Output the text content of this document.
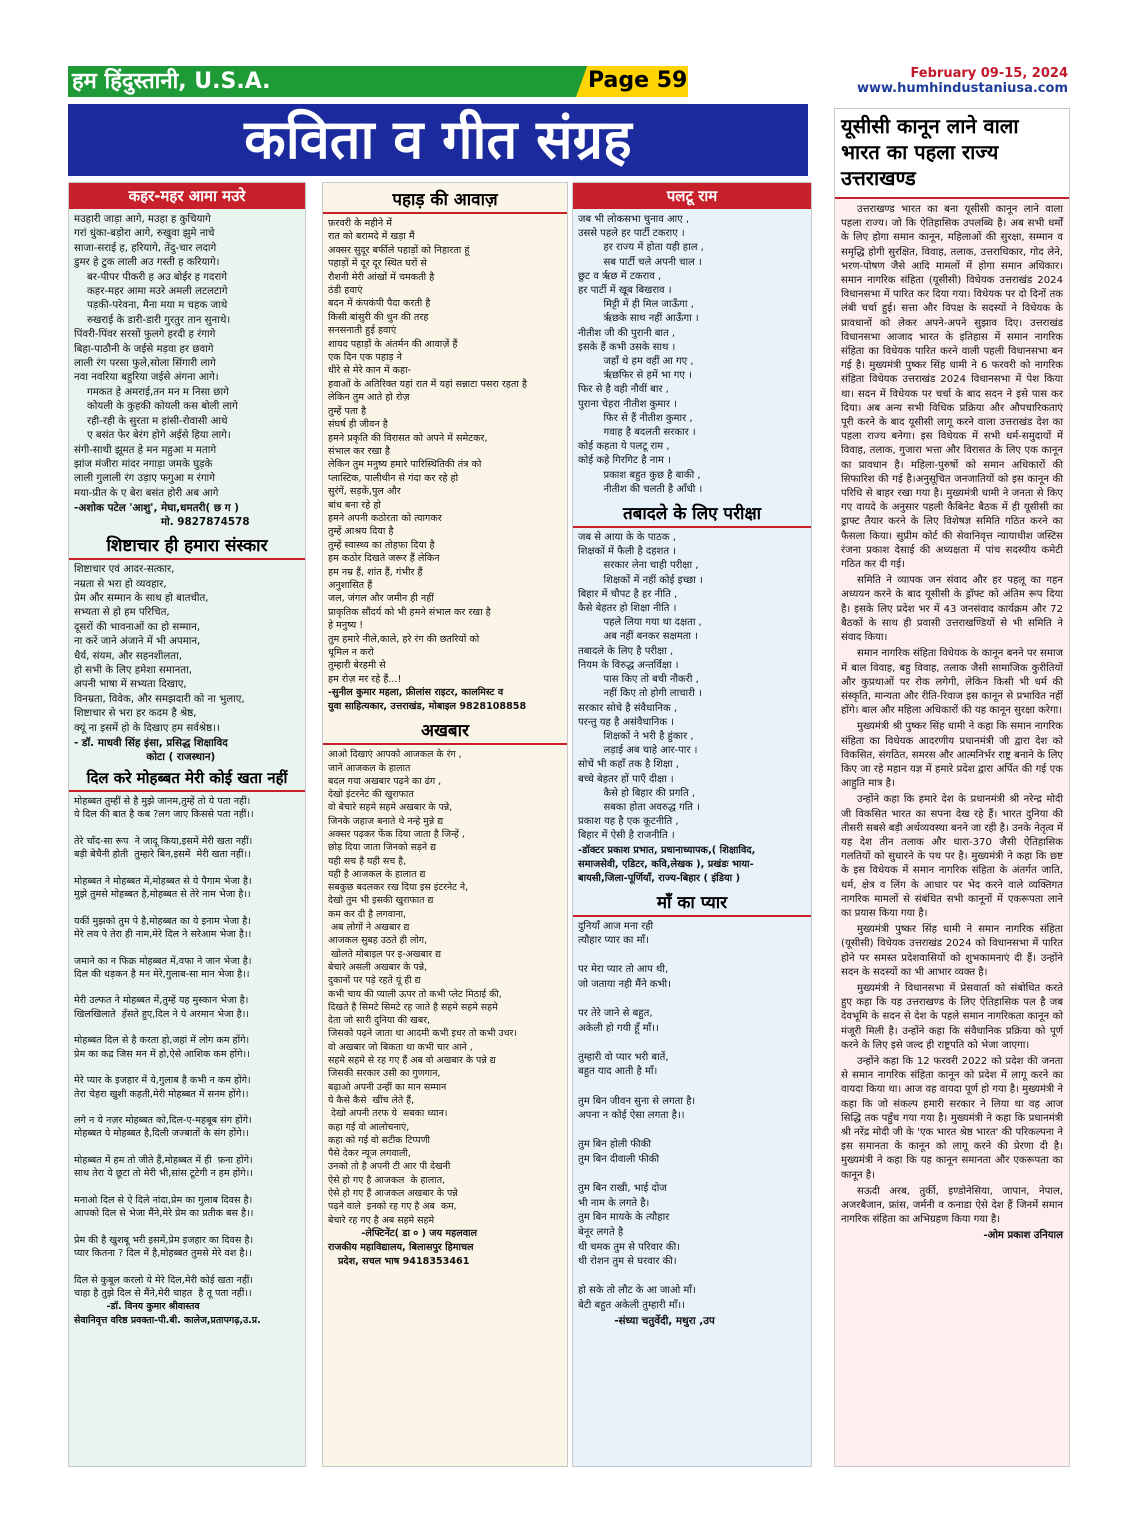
हम हिंदुस्तानी, U.S.A.	Page 59	February 09-15, 2024
www.humhindustaniusa.com
कविता व गीत संग्रह
कहर-महर आमा मउरे
मउहारी जाड़ा आगे, मउहा ह कुचियागे
गरां धुंका-बड़ोरा आगे, रुखुवा झुमे नाचे
साजा-सराई ह, हरियागे, तेंदु-चार लदागे
डुमर हे टुक लाली अउ गस्ती ह करियागे।
बर-पीपर पीकरी ह अउ बोईर ह गदरागे
कहर-महर आमा मउरे अमली लटलटागे
पड़की-परेवना, मैना मया म चहक जाथे
रुखराई के डारी-डारी गुरतुर तान सुनाथे।
पिंवरी-पिंवर सरसों फुलगे हरदी ह रंगागे
बिहा-पाठौनी के जईसे मड़वा हर छवागे
लाली रंग परसा फुले,सोला सिंगारी लागे
नवा नवरिया बहुरिया जईसे अंगना आगे।
गमकत हे अमराई,तन मन म निसा छागे
कोयली के कुहकी कोयली कस बोली लागे
रही-रही के सुरता म हांसी-रोवासी आथे
ए बसंत फेर बेरंग होगे अईसे हिया लागे।
संगी-साथी झूमत हे मन महुआ म मतागे
झांज मंजीरा मांदर नगाड़ा जमके घुड़के
लाली गुलाली रंग उड़ाए फगुआ म रंगागे
मया-प्रीत के ए बेरा बसंत होरी अब आगे
-अशोक पटेल 'आशु', मेघा,धमतरी( छ ग )
मो. 9827874578
शिष्टाचार ही हमारा संस्कार
शिष्टाचार एवं आदर-सत्कार,
नम्रता से भरा हो व्यवहार,
प्रेम और सम्मान के साथ हो बातचीत,
सभ्यता से हो हम परिचित,
दूसरों की भावनाओं का हो सम्मान,
ना करें जाने अंजाने में भी अपमान,
धैर्य, संयम, और सहनशीलता,
हो सभी के लिए हमेशा समानता,
अपनी भाषा में सभ्यता दिखाए,
विनम्रता, विवेक, और समझदारी को ना भुलाए,
शिष्टाचार से भरा हर कदम है श्रेष्ठ,
क्यूं ना इसमें हो के दिखाए हम सर्वश्रेष्ठ।।
- डॉ. माधवी सिंह इंसा, प्रसिद्ध शिक्षाविद
कोटा ( राजस्थान)
दिल करे मोहब्बत मेरी कोई खता नहीं
मोहब्बत तुम्हीं से है मुझे जानम,तुम्हें तो ये पता नहीं।
ये दिल की बात है कब ?लग जाए किससे पता नहीं।।

तेरे चाँद-सा रूप  ने जादू किया,इसमें मेरी खता नहीं।
बड़ी बेचैनी होती  तुम्हारे बिन,इसमें  मेरी खता नहीं।।

मोहब्बत ने मोहब्बत में,मोहब्बत से ये पैगाम भेजा है।
मुझे तुमसे मोहब्बत है,मोहब्बत से तेरे नाम भेजा है।।

यकीं मुझको तुम पे है,मोहब्बत का ये इनाम भेजा है।
मेरे लव पे तेरा ही नाम,मेरे दिल ने सरेआम भेजा है।।

जमाने का न फिक्र मोहब्बत में,वफा ने जान भेजा है।
दिल की धड़कन है मन मेरे,गुलाब-सा मान भेजा है।।

मेरी उल्फत ने मोहब्बत में,तुम्हें यह मुस्कान भेजा है।
खिलखिलाते  हँसते हुए,दिल ने ये अरमान भेजा है।।

मोहब्बत दिल से है करता हो,जहां में लोग कम होंगे।
प्रेम का कद्र जिस मन में हो,ऐसे आशिक कम होंगे।।

मेरे प्यार के इजहार में ये,गुलाब है कभी न कम होंगे।
तेरा चेहरा खुशी कहती,मेरी मोहब्बत में सनम होंगे।।

लगे न ये नज़र मोहब्बत को,दिल-ए-महबूब संग होंगे।
मोहब्बत ये मोहब्बत है,दिली जज्बातों के संग होंगे।।

मोहब्बत में हम तो जीते हैं,मोहब्बत में ही  फ़ना होंगे।
साथ तेरा ये छूटा तो मेरी भी,सांस टूटेगी न हम होंगे।।

मनाओ दिल से ऐ दिले नांदा,प्रेम का गुलाब दिवस है।
आपको दिल से भेजा मैंने,मेरे प्रेम का प्रतीक बस है।।

प्रेम की है खुशबू भरी इसमें,प्रेम इजहार का दिवस है।
प्यार कितना ? दिल में है,मोहब्बत तुमसे मेरे वश है।।

दिल से कुबूल करलो ये मेरे दिल,मेरी कोई खता नहीं।
चाहा है तुझे दिल से मैंने,मेरी चाहत  है तू पता नहीं।।
-डॉ. विनय कुमार श्रीवास्तव
सेवानिवृत्त वरिष्ठ प्रवक्ता-पी.बी. कालेज,प्रतापगढ़,उ.प्र.
पहाड़ की आवाज़
फ़रवरी के महीने में
रात को बरामदे में खड़ा मैं
अक्सर सुदूर बर्फीले पहाड़ों को निहारता हूं
पहाड़ों में दूर दूर स्थित घरों से
रौशनी मेरी आंखों में चमकती है
ठंडी हवाएं
बदन में कंपकंपी पैदा करती है
किसी बांसुरी की धुन की तरह
सनसनाती हुई हवाएं
शायद पहाड़ों के अंतर्मन की आवाज़ें हैं
एक दिन एक पहाड़ ने
धीरे से मेरे कान में कहा-
हवाओं के अतिरिक्त यहां रात में यहां सन्नाटा पसरा रहता है
लेकिन तुम आते हो रोज़
तुम्हें पता है
संघर्ष ही जीवन है
हमने प्रकृति की विरासत को अपने में समेटकर,
संभाल कर रखा है
लेकिन तुम मनुष्य हमारे पारिस्थितिकी तंत्र को
प्लास्टिक, पालीथीन से गंदा कर रहे हो
सुरंगें, सड़कें,पुल और
बांध बना रहे हो
हमने अपनी कठोरता को त्यागकर
तुम्हें आश्रय दिया है
तुम्हें स्वास्थ्य का तोहफा दिया है
हम कठोर दिखते जरूर हैं लेकिन
हम नम्र हैं, शांत हैं, गंभीर हैं
अनुशासित हैं
जल, जंगल और जमीन ही नहीं
प्राकृतिक सौंदर्य को भी हमने संभाल कर रखा है
हे मनुष्य !
तुम हमारे नीले,काले, हरे रंग की छतरियों को
धूमिल न करो
तुम्हारी बेरहमी से
हम रोज़ मर रहे हैं...!
-सुनील कुमार महला, फ्रीलांस राइटर, कालमिस्ट व
युवा साहित्यकार, उत्तराखंड, मोबाइल 9828108858
अखबार
आओ दिखाएं आपको आजकल के रंग ,
जानें आजकल के हालात
बदल गया अखबार पढ़ने का ढंग ,
देखो इंटरनेट की खुराफात
वो बेचारे सहमे सहमे अखबार के पन्ने,
जिनके जहाज बनाते थे नन्हे मुन्ने द्य
अक्सर पढ़कर फेंक दिया जाता है जिन्हें ,
छोड़ दिया जाता जिनको सड़ने द्य
यही सच है यही सच है,
यही है आजकल के हालात द्य
सबकुछ बदलकर रख दिया इस इंटरनेट ने,
देखो तुम भी इसकी खुराफात द्य
कम कर दी है लगवाना,
अब लोगों ने अखबार द्य
आजकल सुबह उठते ही लोग,
खोलते मोबाइल पर इ-अखबार द्य
बेचारे असली अखबार के पन्ने,
दुकानों पर पड़े रहते यूं ही द्य
कभी चाय की प्याली ऊपर तो कभी प्लेट मिठाई की,
दिखते है सिमटे सिमटे रह जाते है सहमे सहमे सहमे
देता जो सारी दुनिया की खबर,
जिसको पढ़ने जाता था आदमी कभी इधर तो कभी उधर।
वो अखबार जो बिकता था कभी चार आने ,
सहमे सहमे से रह गए हैं अब वो अखबार के पन्ने द्य
जिसकी सरकार उसी का गुणगान,
बढ़ाओ अपनी उन्हीं का मान सम्मान
ये कैसे कैसे  खींच लेते हैं,
देखो अपनी तरफ ये  सबका ध्यान।
कहा गई वो आलोचनाएं,
कहा को गई वो सटीक टिप्पणी
पैसे देकर न्यूज लगवाली,
उनको तो है अपनी टी आर पी देखनी
ऐसे हो गए है आजकल  के हालात,
ऐसे हो गए हैं आजकल अखबार के पन्ने
पढ़ने वाले  इनको रह गए है अब  कम,
बेचारे रह गए है अब सहमे सहमे
-लेफ्टिनेंट( डा ० ) जय महलवाल
राजकीय महाविद्यालय, बिलासपुर हिमाचल
प्रदेश, सचल भाष 9418353461
पलटू राम
जब भी लोकसभा चुनाव आए ,
उससे पहले हर पार्टी टकराए ।
हर राज्य में होता यही हाल ,
सब पार्टी चले अपनी चाल ।
छुट व ऋृछ में टकराव ,
हर पार्टी में खूब बिखराव ।
मिट्टी में ही मिल जाऊँगा ,
ऋृछके साथ नहीं आऊँगा ।
नीतीश जी की पुरानी बात ,
इसके हैं कभी उसके साथ ।
जहाँ थे हम वहीं आ गए ,
ऋृछफिर से हमें भा गए ।
फिर से है वही नौवीं बार ,
पुराना चेहरा नीतीश कुमार ।
फिर से हैं नीतीश कुमार ,
गवाह है बदलती सरकार ।
कोई कहता ये पलटू राम ,
कोई कहे गिरगिट है नाम ।
प्रकाश बहुत कुछ है बाकी ,
नीतीश की चलती है आँधी ।
तबादले के लिए परीक्षा
जब से आया के के पाठक ,
शिक्षकों में फैली है दहशत ।
सरकार लेना चाही परीक्षा ,
शिक्षकों में नहीं कोई इच्छा ।
बिहार में चौपट है हर नीति ,
कैसे बेहतर हो शिक्षा नीति ।
पहले लिया गया था दक्षता ,
अब नहीं बनकर सक्षमता ।
तबादले के लिए है परीक्षा ,
नियम के विरुद्ध अन्तर्विक्षा ।
पास किए तो बची नौकरी ,
नहीं किए तो होगी लाचारी ।
सरकार सोचे है संवैधानिक ,
परन्तु यह है असंवैधानिक ।
शिक्षकों ने भरी है हुंकार ,
लड़ाई अब चाहे आर-पार ।
सोचें भी कहाँ तक है शिक्षा ,
बच्चे बेहतर हों पाएँ दीक्षा ।
कैसे हो बिहार की प्रगति ,
सबका होता अवरुद्ध गति ।
प्रकाश यह है एक कूटनीति ,
बिहार में ऐसी है राजनीति ।
-डॉक्टर प्रकाश प्रभात, प्रधानाध्यापक,( शिक्षाविद,
समाजसेवी, एडिटर, कवि,लेखक ), प्रखंडः भाया-
बायसी,जिला-पूर्णियाँ, राज्य-बिहार ( इंडिया )
माँ का प्यार
दुनियाँ आज मना रही
त्यौहार प्यार का माँ।

पर मेरा प्यार तो आप थी,
जो जताया नही मैंने कभी।

पर तेरे जाने से बहुत,
अकेली हो गयी हूँ माँ।।

तुम्हारी वो प्यार भरी बातें,
बहुत याद आती है माँ।

तुम बिन जीवन सुना से लगता है।
अपना न कोई ऐसा लगता है।।

तुम बिन होली फीकी
तुम बिन दीवाली फीकी

तुम बिन राखी, भाई दोज
भी नाम के लगते है।
तुम बिन मायके के त्यौहार
बेनूर लगते है
थी चमक तुम से परिवार की।
थी रोशन तुम से घरवार की।

हो सके तो लौट के आ जाओ माँ।
बेटी बहुत अकेली तुम्हारी माँ।।
-संध्या चतुर्वेदी, मथुरा ,उप
यूसीसी कानून लाने वाला भारत का पहला राज्य उत्तराखण्ड

उत्तराखण्ड भारत का बना यूसीसी कानून लाने वाला पहला राज्य। जो कि ऐतिहासिक उपलब्धि है। अब सभी धर्मों के लिए होगा समान कानून, महिलाओं की सुरक्षा, सम्मान व समृद्धि होगी सुरक्षित, विवाह, तलाक, उत्तराधिकार, गोद लेने, भरण-पोषण जैसे आदि मामलों में होगा समान अधिकार। समान नागरिक संहिता (यूसीसी) विधेयक उत्तराखंड 2024 विधानसभा में पारित कर दिया गया। विधेयक पर दो दिनों तक लंबी चर्चा हुई। सत्ता और विपक्ष के सदस्यों ने विधेयक के प्रावधानों को लेकर अपने-अपने सुझाव दिए। उत्तराखंड विधानसभा आजाद भारत के इतिहास में समान नागरिक संहिता का विधेयक पारित करने वाली पहली विधानसभा बन गई है। मुख्यमंत्री पुष्कर सिंह धामी ने 6 फरवरी को नागरिक संहिता विधेयक उत्तराखंड 2024 विधानसभा में पेश किया था। सदन में विधेयक पर चर्चा के बाद सदन ने इसे पास कर दिया। अब अन्य सभी विधिक प्रक्रिया और औपचारिकताएं पूरी करने के बाद यूसीसी लागू करने वाला उत्तराखंड देश का पहला राज्य बनेगा। इस विधेयक में सभी धर्म-समुदायों में विवाह, तलाक, गुजारा भत्ता और विरासत के लिए एक कानून का प्रावधान है। महिला-पुरुषों को समान अधिकारों की सिफारिश की गई है।अनुसूचित जनजातियों को इस कानून की परिधि से बाहर रखा गया है। मुख्यमंत्री धामी ने जनता से किए गए वायदे के अनुसार पहली कैबिनेट बैठक में ही यूसीसी का ड्राफ्ट तैयार करने के लिए विशेषज्ञ समिति गठित करने का फैसला किया। सुप्रीम कोर्ट की सेवानिवृत्त न्यायाधीश जस्टिस रंजना प्रकाश देसाई की अध्यक्षता में पांच सदस्यीय कमेटी गठित कर दी गई।

समिति ने व्यापक जन संवाद और हर पहलू का गहन अध्ययन करने के बाद यूसीसी के ड्रॉफ्ट को अंतिम रूप दिया है। इसके लिए प्रदेश भर में 43 जनसंवाद कार्यक्रम और 72 बैठकों के साथ ही प्रवासी उत्तराखण्डियों से भी समिति ने संवाद किया।

समान नागरिक संहिता विधेयक के कानून बनने पर समाज में बाल विवाह, बहु विवाह, तलाक जैसी सामाजिक कुरीतियों और कुप्रथाओं पर रोक लगेगी, लेकिन किसी भी धर्म की संस्कृति, मान्यता और रीति-रिवाज इस कानून से प्रभावित नहीं होंगे। बाल और महिला अधिकारों की यह कानून सुरक्षा करेगा।

मुख्यमंत्री श्री पुष्कर सिंह धामी ने कहा कि समान नागरिक संहिता का विधेयक आदरणीय प्रधानमंत्री जी द्वारा देश को विकसित, संगठित, समरस और आत्मनिर्भर राष्ट्र बनाने के लिए किए जा रहे महान यज्ञ में हमारे प्रदेश द्वारा अर्पित की गई एक आहुति मात्र है।

उन्होंने कहा कि हमारे देश के प्रधानमंत्री श्री नरेन्द्र मोदी जी विकसित भारत का सपना देख रहे हैं। भारत दुनिया की तीसरी सबसे बड़ी अर्थव्यवस्था बनने जा रही है। उनके नेतृत्व में यह देश तीन तलाक और धारा-370 जैसी ऐतिहासिक गलतियों को सुधारने के पथ पर है। मुख्यमंत्री ने कहा कि छ्ष्ट के इस विधेयक में समान नागरिक संहिता के अंतर्गत जाति, धर्म, क्षेत्र व लिंग के आधार पर भेद करने वाले व्यक्तिगत नागरिक मामलों से संबंधित सभी कानूनों में एकरूपता लाने का प्रयास किया गया है।

मुख्यमंत्री पुष्कर सिंह धामी ने समान नागरिक संहिता (यूसीसी) विधेयक उत्तराखंड 2024 को विधानसभा में पारित होने पर समस्त प्रदेशवासियों को शुभकामनाएं दी हैं। उन्होंने सदन के सदस्यों का भी आभार व्यक्त है।

मुख्यमंत्री ने विधानसभा में प्रेसवार्ता को संबोधित करते हुए कहा कि यह उत्तराखण्ड के लिए ऐतिहासिक पल है जब देवभूमि के सदन से देश के पहले समान नागरिकता कानून को मंजूरी मिली है। उन्होंने कहा कि संवैधानिक प्रक्रिया को पूर्ण करने के लिए इसे जल्द ही राष्ट्रपति को भेजा जाएगा।

उन्होंने कहा कि 12 फरवरी 2022 को प्रदेश की जनता से समान नागरिक संहिता कानून को प्रदेश में लागू करने का वायदा किया था। आज वह वायदा पूर्ण हो गया है। मुख्यमंत्री ने कहा कि जो संकल्प हमारी सरकार ने लिया था वह आज सिद्धि तक पहुँच गया गया है। मुख्यमंत्री ने कहा कि प्रधानमंत्री श्री नरेंद्र मोदी जी के 'एक भारत श्रेष्ठ भारत' की परिकल्पना ने इस समानता के कानून को लागू करने की प्रेरणा दी है। मुख्यमंत्री ने कहा कि यह कानून समानता और एकरूपता का कानून है।

सऊदी अरब, तुर्की, इण्डोनेसिया, जापान, नेपाल, अजरबैजान, फ्रांस, जर्मनी व कनाडा ऐसे देश हैं जिनमें समान नागरिक संहिता का अभिग्रहण किया गया है।

-ओम प्रकाश उनियाल
